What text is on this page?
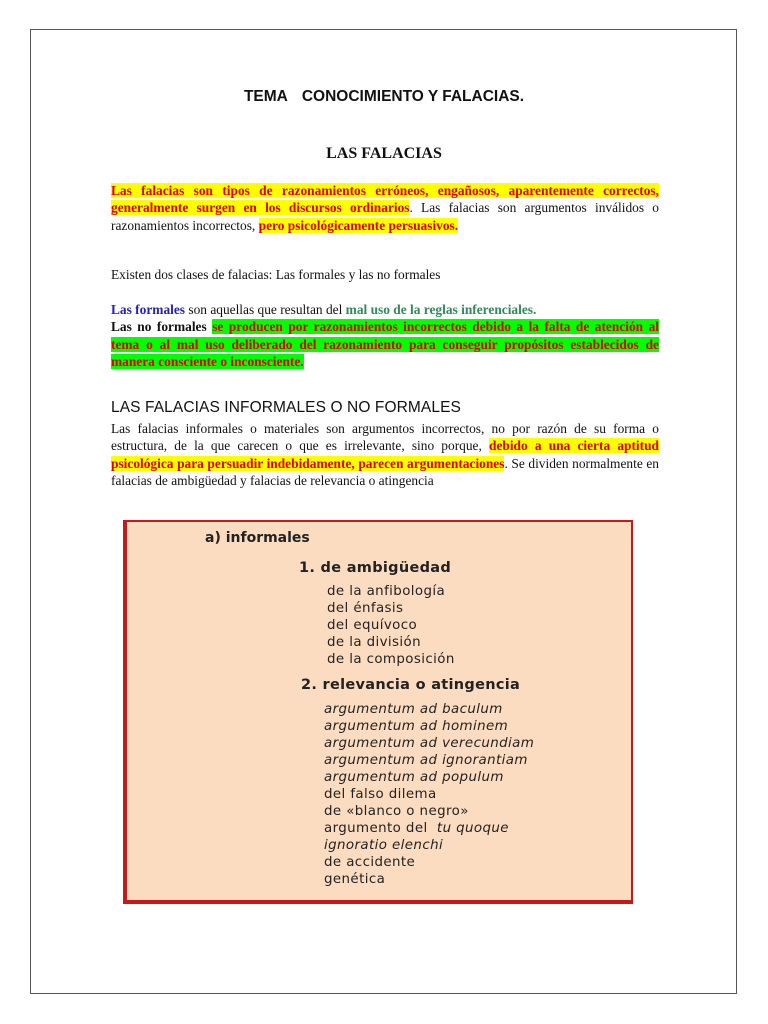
TEMA CONOCIMIENTO Y FALACIAS.
LAS FALACIAS
Las falacias son tipos de razonamientos erróneos, engañosos, aparentemente correctos, generalmente surgen en los discursos ordinarios. Las falacias son argumentos inválidos o razonamientos incorrectos, pero psicológicamente persuasivos.
Existen dos clases de falacias: Las formales y las no formales
Las formales son aquellas que resultan del mal uso de la reglas inferenciales.
Las no formales se producen por razonamientos incorrectos debido a la falta de atención al tema o al mal uso deliberado del razonamiento para conseguir propósitos establecidos de manera consciente o inconsciente.
LAS FALACIAS INFORMALES O NO FORMALES
Las falacias informales o materiales son argumentos incorrectos, no por razón de su forma o estructura, de la que carecen o que es irrelevante, sino porque, debido a una cierta aptitud psicológica para persuadir indebidamente, parecen argumentaciones. Se dividen normalmente en falacias de ambigüedad y falacias de relevancia o atingencia
a) informales
1. de ambigüedad
de la anfibología
del énfasis
del equívoco
de la división
de la composición
2. relevancia o atingencia
argumentum ad baculum
argumentum ad hominem
argumentum ad verecundiam
argumentum ad ignorantiam
argumentum ad populum
del falso dilema
de «blanco o negro»
argumento del tu quoque
ignoratio elenchi
de accidente
genética
